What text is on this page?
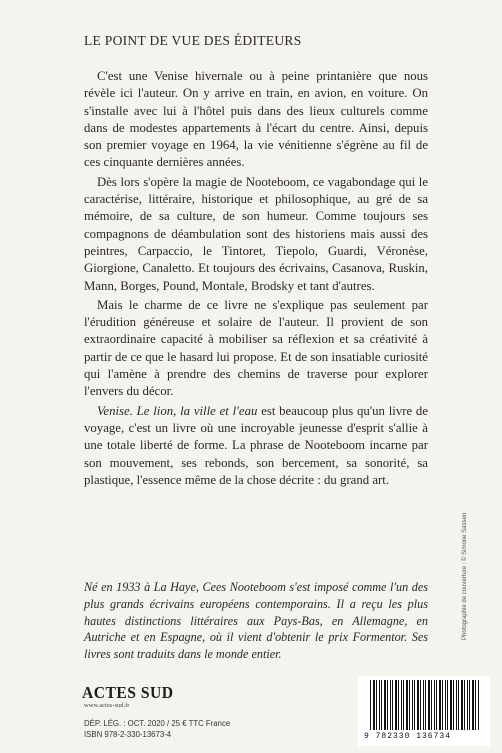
LE POINT DE VUE DES ÉDITEURS

C'est une Venise hivernale ou à peine printanière que nous révèle ici l'auteur. On y arrive en train, en avion, en voiture. On s'installe avec lui à l'hôtel puis dans des lieux culturels comme dans de modestes appartements à l'écart du centre. Ainsi, depuis son premier voyage en 1964, la vie vénitienne s'égrène au fil de ces cinquante dernières années.

Dès lors s'opère la magie de Nooteboom, ce vagabondage qui le caractérise, littéraire, historique et philosophique, au gré de sa mémoire, de sa culture, de son humeur. Comme toujours ses compagnons de déambulation sont des historiens mais aussi des peintres, Carpaccio, le Tintoret, Tiepolo, Guardi, Véronèse, Giorgione, Canaletto. Et toujours des écrivains, Casanova, Ruskin, Mann, Borges, Pound, Montale, Brodsky et tant d'autres.

Mais le charme de ce livre ne s'explique pas seulement par l'érudition généreuse et solaire de l'auteur. Il provient de son extraordinaire capacité à mobiliser sa réflexion et sa créativité à partir de ce que le hasard lui propose. Et de son insatiable curiosité qui l'amène à prendre des chemins de traverse pour explorer l'envers du décor.

Venise. Le lion, la ville et l'eau est beaucoup plus qu'un livre de voyage, c'est un livre où une incroyable jeunesse d'esprit s'allie à une totale liberté de forme. La phrase de Nooteboom incarne par son mouvement, ses rebonds, son bercement, sa sonorité, sa plastique, l'essence même de la chose décrite : du grand art.

Né en 1933 à La Haye, Cees Nooteboom s'est imposé comme l'un des plus grands écrivains européens contemporains. Il a reçu les plus hautes distinctions littéraires aux Pays-Bas, en Allemagne, en Autriche et en Espagne, où il vient d'obtenir le prix Formentor. Ses livres sont traduits dans le monde entier.
ACTES SUD
www.actes-sud.fr
DÉP. LÉG. : OCT. 2020 / 25 € TTC France
ISBN 978-2-330-13673-4
Photographie de couverture : © Simone Sassen
9 782330 136734
